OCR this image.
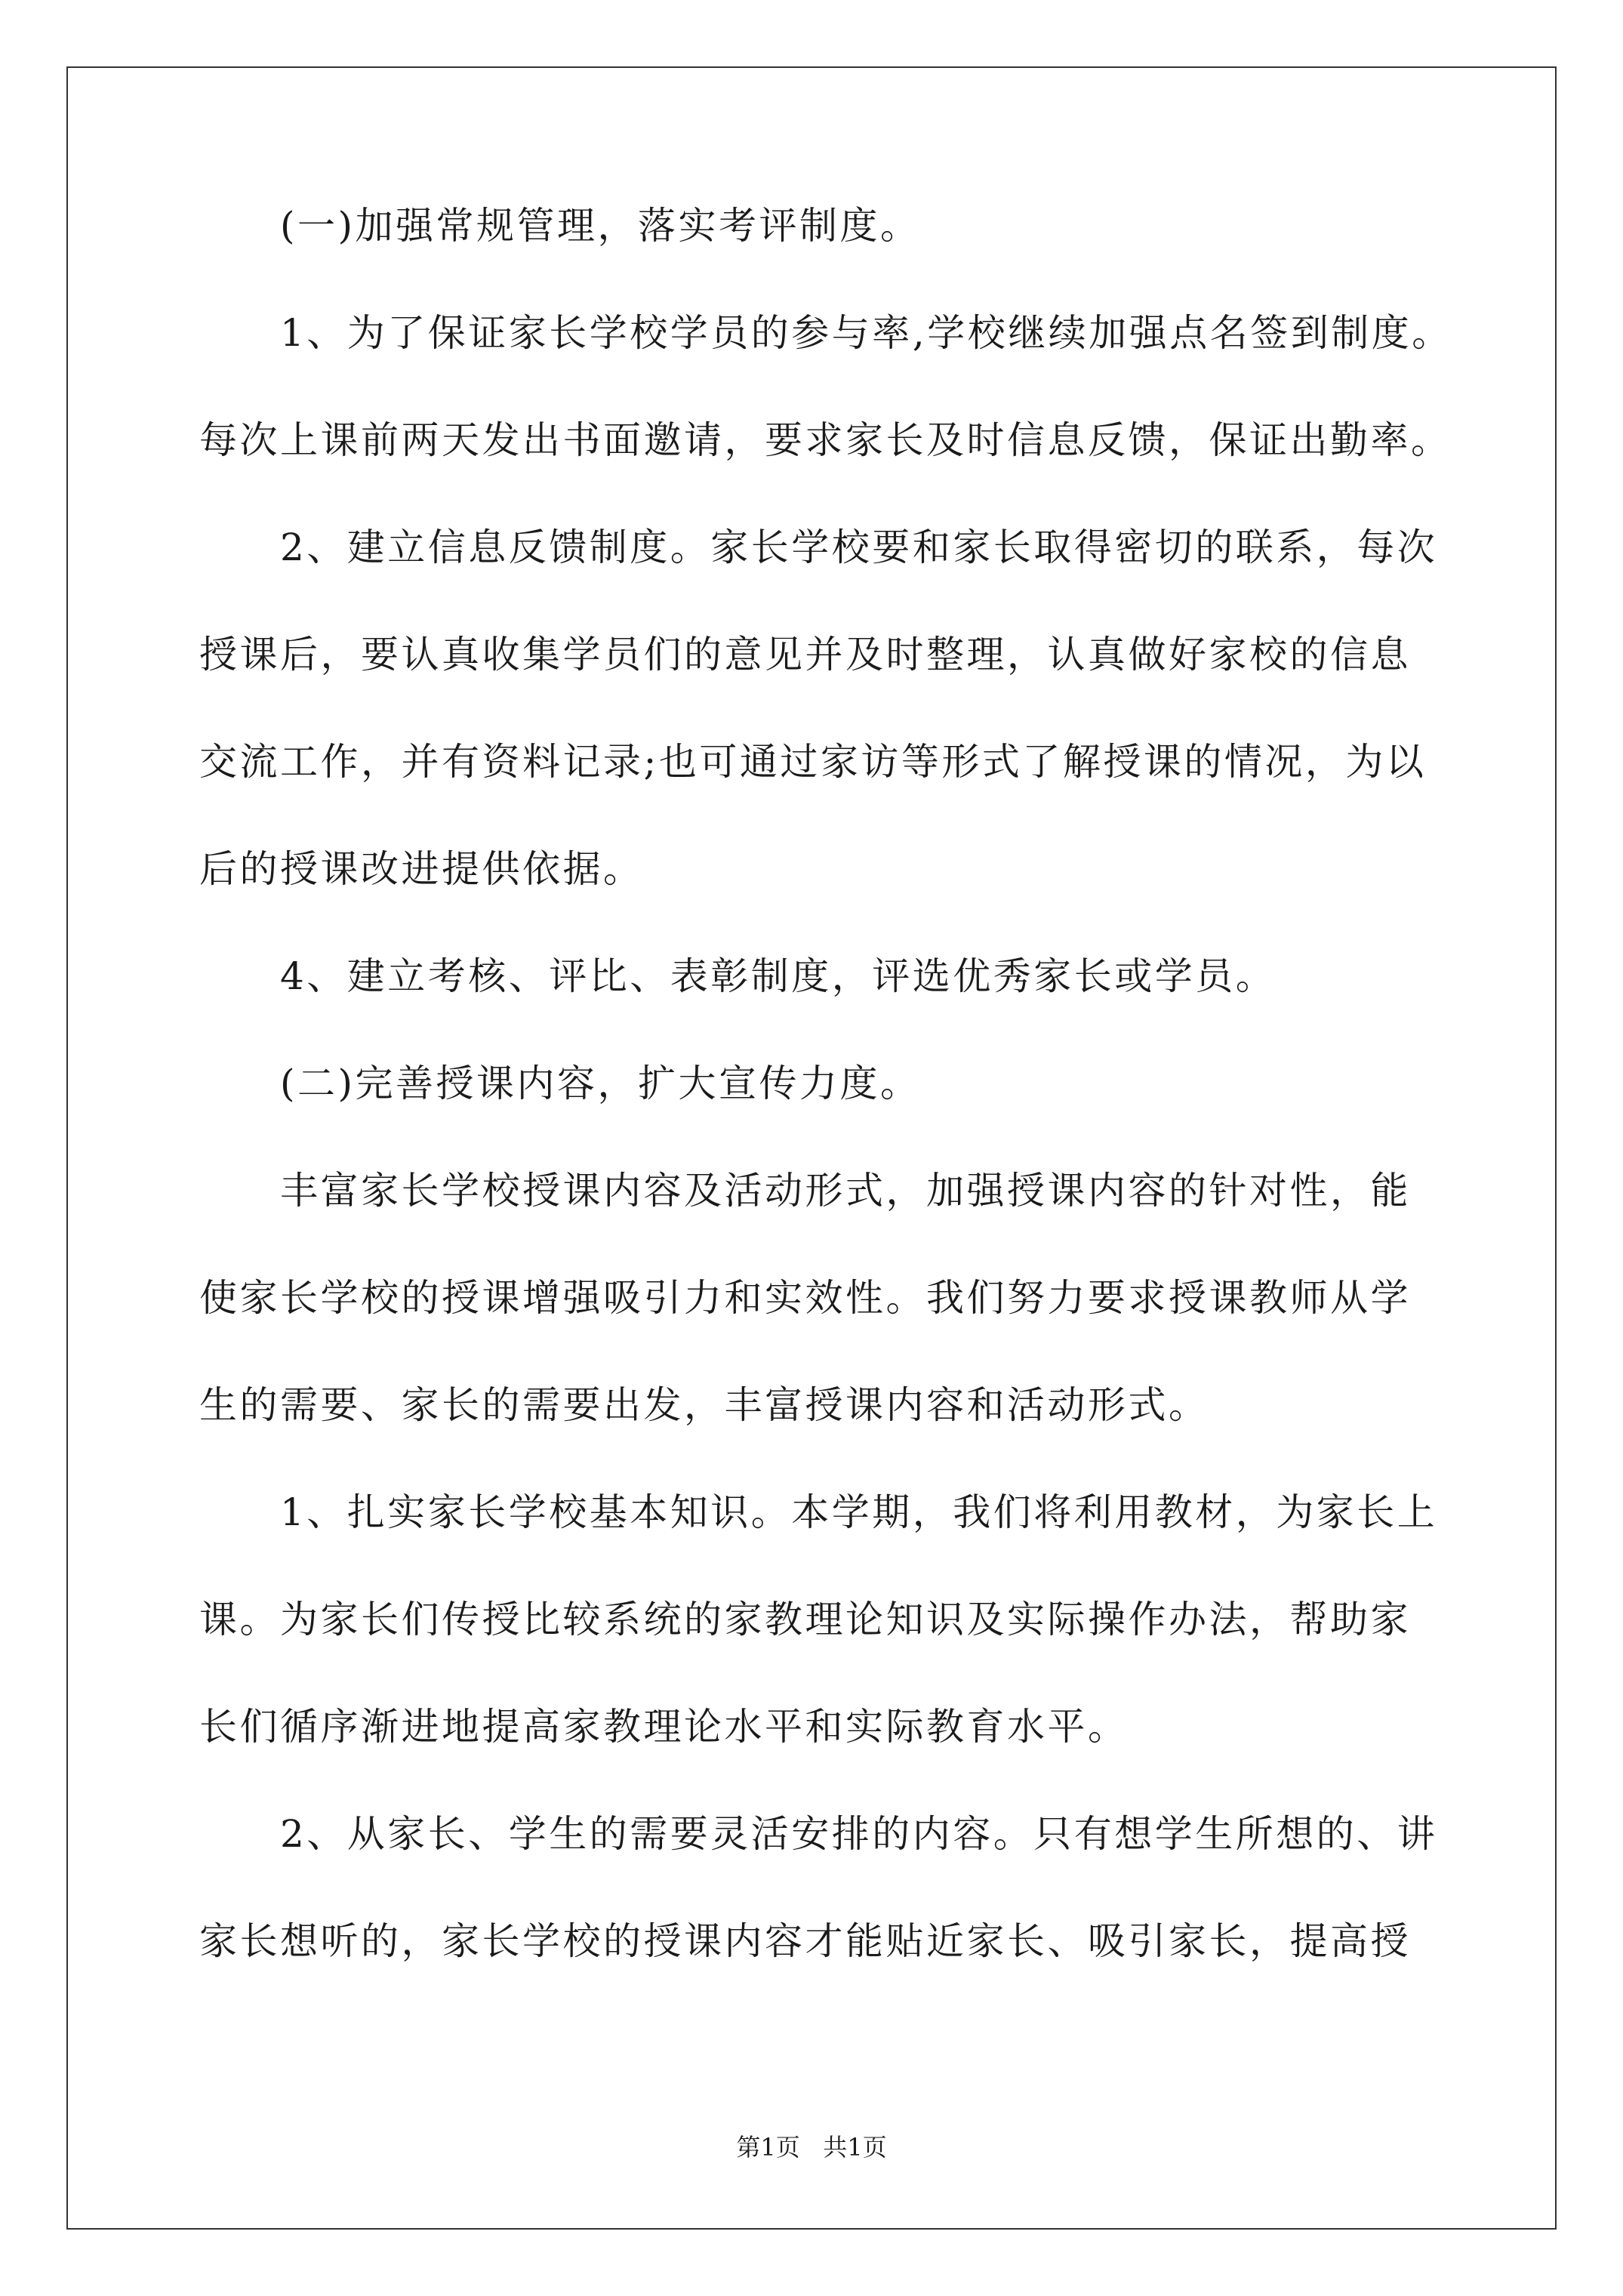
(一)加强常规管理，落实考评制度。
1、为了保证家长学校学员的参与率,学校继续加强点名签到制度。
每次上课前两天发出书面邀请，要求家长及时信息反馈，保证出勤率。
2、建立信息反馈制度。家长学校要和家长取得密切的联系，每次
授课后，要认真收集学员们的意见并及时整理，认真做好家校的信息
交流工作，并有资料记录;也可通过家访等形式了解授课的情况，为以
后的授课改进提供依据。
4、建立考核、评比、表彰制度，评选优秀家长或学员。
(二)完善授课内容，扩大宣传力度。
丰富家长学校授课内容及活动形式，加强授课内容的针对性，能
使家长学校的授课增强吸引力和实效性。我们努力要求授课教师从学
生的需要、家长的需要出发，丰富授课内容和活动形式。
1、扎实家长学校基本知识。本学期，我们将利用教材，为家长上
课。为家长们传授比较系统的家教理论知识及实际操作办法，帮助家
长们循序渐进地提高家教理论水平和实际教育水平。
2、从家长、学生的需要灵活安排的内容。只有想学生所想的、讲
家长想听的，家长学校的授课内容才能贴近家长、吸引家长，提高授
第1页   共1页
